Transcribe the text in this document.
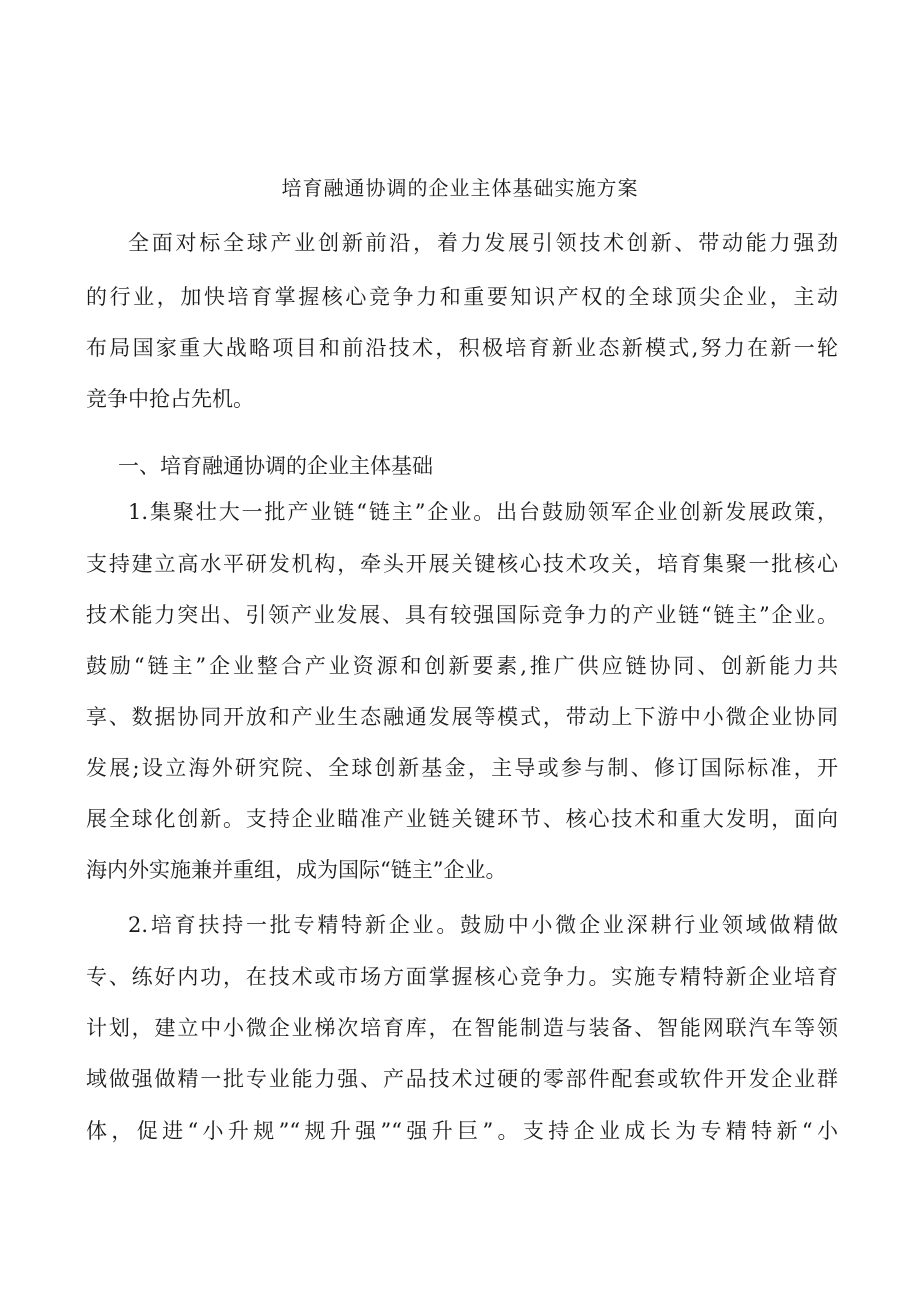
培育融通协调的企业主体基础实施方案
全面对标全球产业创新前沿，着力发展引领技术创新、带动能力强劲
的行业，加快培育掌握核心竞争力和重要知识产权的全球顶尖企业，主动
布局国家重大战略项目和前沿技术，积极培育新业态新模式,努力在新一轮
竞争中抢占先机。
一、培育融通协调的企业主体基础
1.集聚壮大一批产业链“链主”企业。出台鼓励领军企业创新发展政策，
支持建立高水平研发机构，牵头开展关键核心技术攻关，培育集聚一批核心
技术能力突出、引领产业发展、具有较强国际竞争力的产业链“链主”企业。
鼓励“链主”企业整合产业资源和创新要素,推广供应链协同、创新能力共
享、数据协同开放和产业生态融通发展等模式，带动上下游中小微企业协同
发展;设立海外研究院、全球创新基金，主导或参与制、修订国际标准，开
展全球化创新。支持企业瞄准产业链关键环节、核心技术和重大发明，面向
海内外实施兼并重组，成为国际“链主”企业。
2.培育扶持一批专精特新企业。鼓励中小微企业深耕行业领域做精做
专、练好内功，在技术或市场方面掌握核心竞争力。实施专精特新企业培育
计划，建立中小微企业梯次培育库，在智能制造与装备、智能网联汽车等领
域做强做精一批专业能力强、产品技术过硬的零部件配套或软件开发企业群
体，促进“小升规”“规升强”“强升巨”。支持企业成长为专精特新“小
